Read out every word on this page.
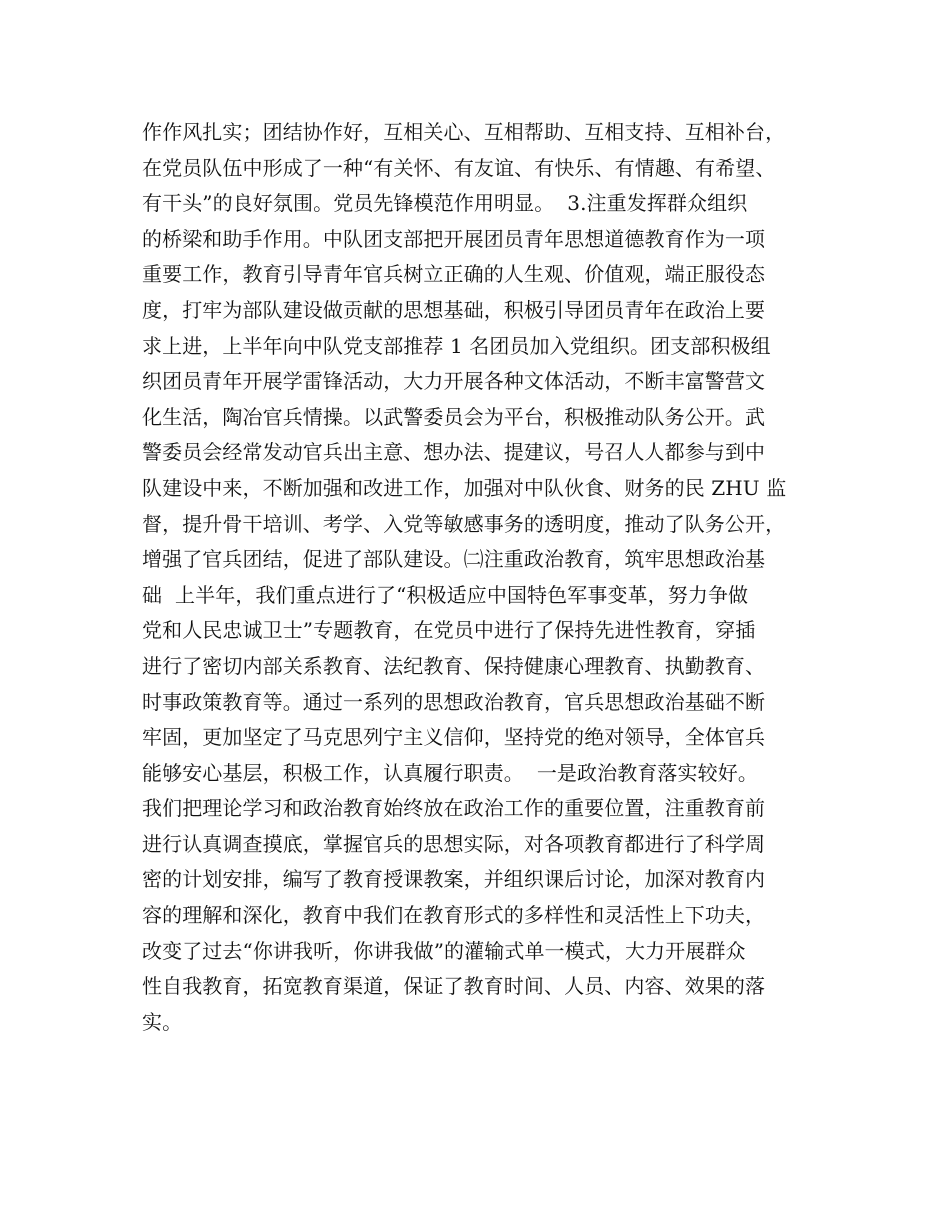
作作风扎实；团结协作好，互相关心、互相帮助、互相支持、互相补台，
在党员队伍中形成了一种“有关怀、有友谊、有快乐、有情趣、有希望、
有干头”的良好氛围。党员先锋模范作用明显。  3.注重发挥群众组织
的桥梁和助手作用。中队团支部把开展团员青年思想道德教育作为一项
重要工作，教育引导青年官兵树立正确的人生观、价值观，端正服役态
度，打牢为部队建设做贡献的思想基础，积极引导团员青年在政治上要
求上进，上半年向中队党支部推荐 1 名团员加入党组织。团支部积极组
织团员青年开展学雷锋活动，大力开展各种文体活动，不断丰富警营文
化生活，陶冶官兵情操。以武警委员会为平台，积极推动队务公开。武
警委员会经常发动官兵出主意、想办法、提建议，号召人人都参与到中
队建设中来，不断加强和改进工作，加强对中队伙食、财务的民 ZHU 监
督，提升骨干培训、考学、入党等敏感事务的透明度，推动了队务公开，
增强了官兵团结，促进了部队建设。㈡注重政治教育，筑牢思想政治基
础  上半年，我们重点进行了“积极适应中国特色军事变革，努力争做
党和人民忠诚卫士”专题教育，在党员中进行了保持先进性教育，穿插
进行了密切内部关系教育、法纪教育、保持健康心理教育、执勤教育、
时事政策教育等。通过一系列的思想政治教育，官兵思想政治基础不断
牢固，更加坚定了马克思列宁主义信仰，坚持党的绝对领导，全体官兵
能够安心基层，积极工作，认真履行职责。  一是政治教育落实较好。
我们把理论学习和政治教育始终放在政治工作的重要位置，注重教育前
进行认真调查摸底，掌握官兵的思想实际，对各项教育都进行了科学周
密的计划安排，编写了教育授课教案，并组织课后讨论，加深对教育内
容的理解和深化，教育中我们在教育形式的多样性和灵活性上下功夫，
改变了过去“你讲我听，你讲我做”的灌输式单一模式，大力开展群众
性自我教育，拓宽教育渠道，保证了教育时间、人员、内容、效果的落
实。
